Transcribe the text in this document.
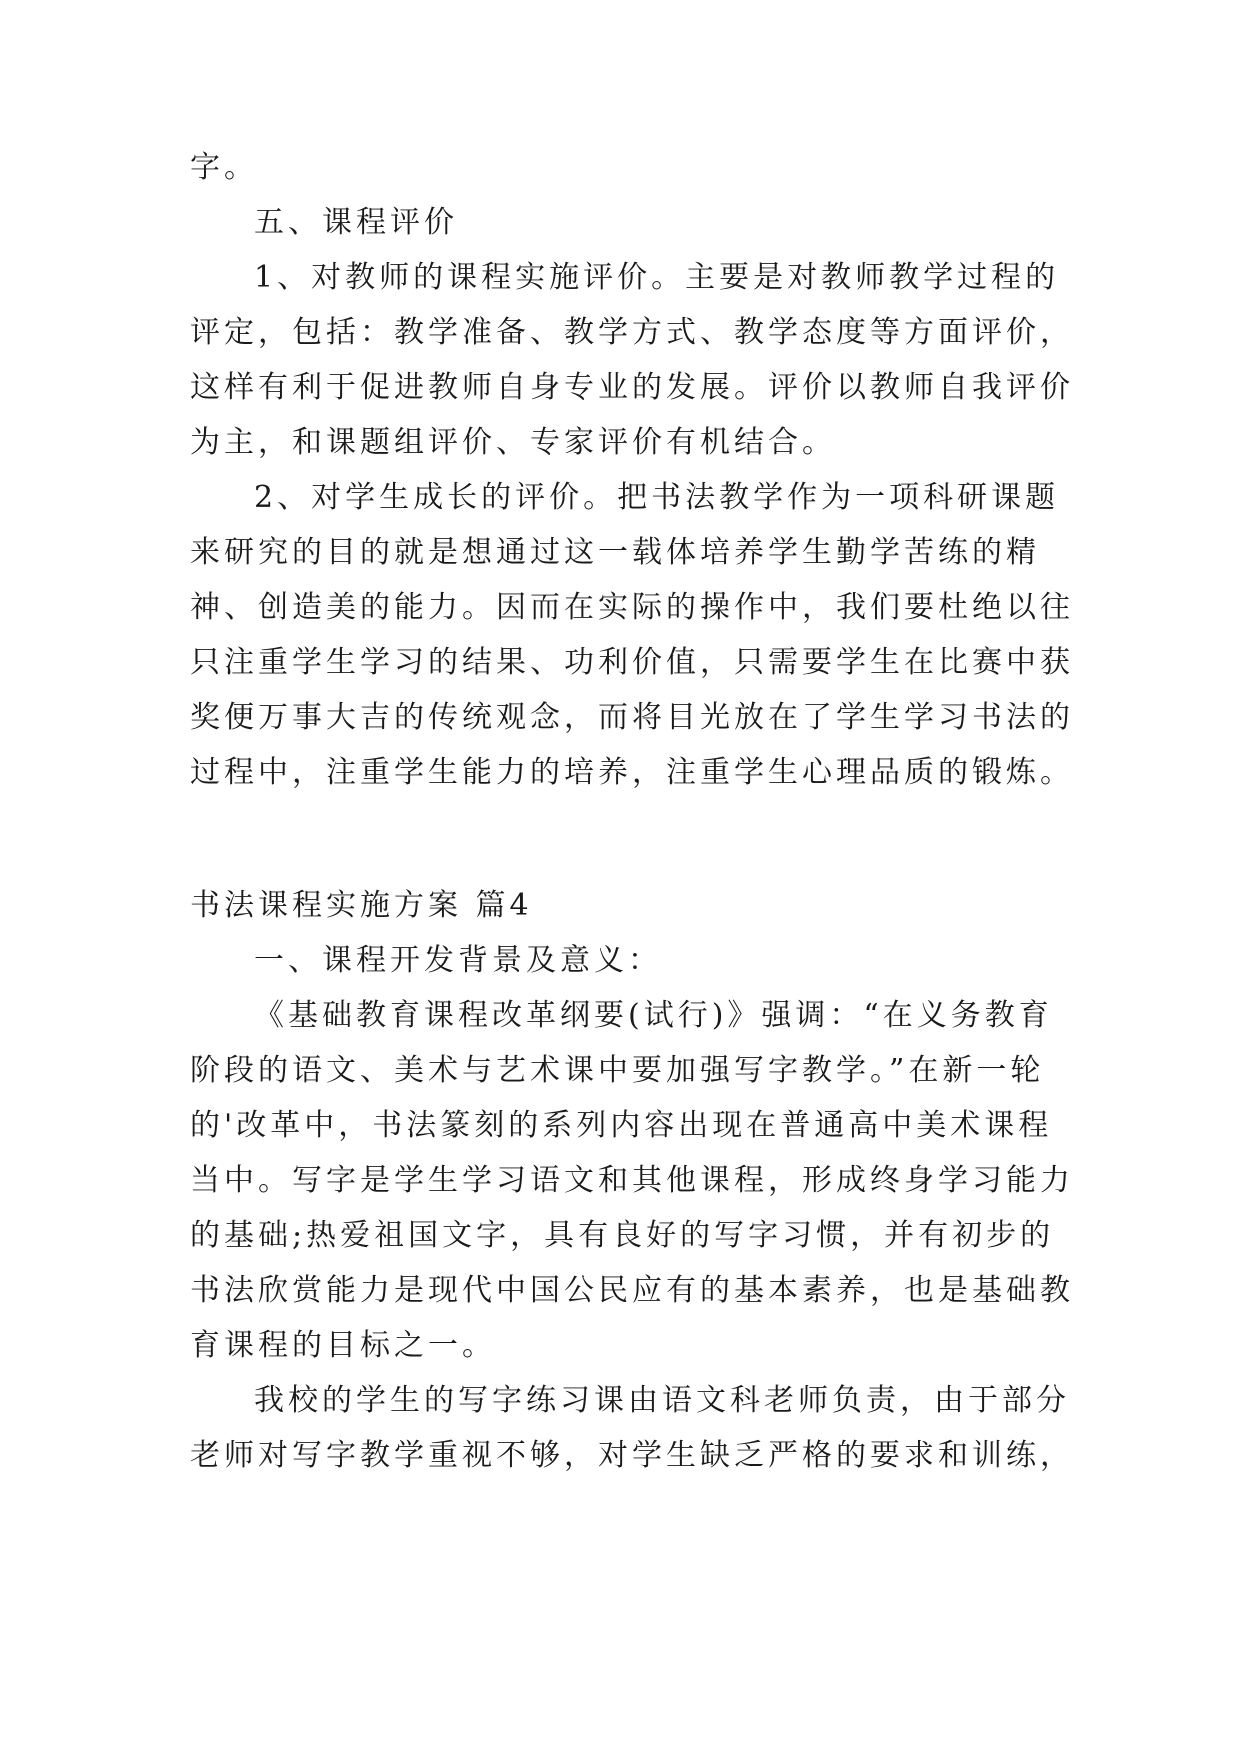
字。
五、课程评价
1、对教师的课程实施评价。主要是对教师教学过程的
评定，包括：教学准备、教学方式、教学态度等方面评价，
这样有利于促进教师自身专业的发展。评价以教师自我评价
为主，和课题组评价、专家评价有机结合。
2、对学生成长的评价。把书法教学作为一项科研课题
来研究的目的就是想通过这一载体培养学生勤学苦练的精
神、创造美的能力。因而在实际的操作中，我们要杜绝以往
只注重学生学习的结果、功利价值，只需要学生在比赛中获
奖便万事大吉的传统观念，而将目光放在了学生学习书法的
过程中，注重学生能力的培养，注重学生心理品质的锻炼。
书法课程实施方案 篇4
一、课程开发背景及意义：
《基础教育课程改革纲要(试行)》强调：“在义务教育
阶段的语文、美术与艺术课中要加强写字教学。”在新一轮
的'改革中，书法篆刻的系列内容出现在普通高中美术课程
当中。写字是学生学习语文和其他课程，形成终身学习能力
的基础;热爱祖国文字，具有良好的写字习惯，并有初步的
书法欣赏能力是现代中国公民应有的基本素养，也是基础教
育课程的目标之一。
我校的学生的写字练习课由语文科老师负责，由于部分
老师对写字教学重视不够，对学生缺乏严格的要求和训练，
